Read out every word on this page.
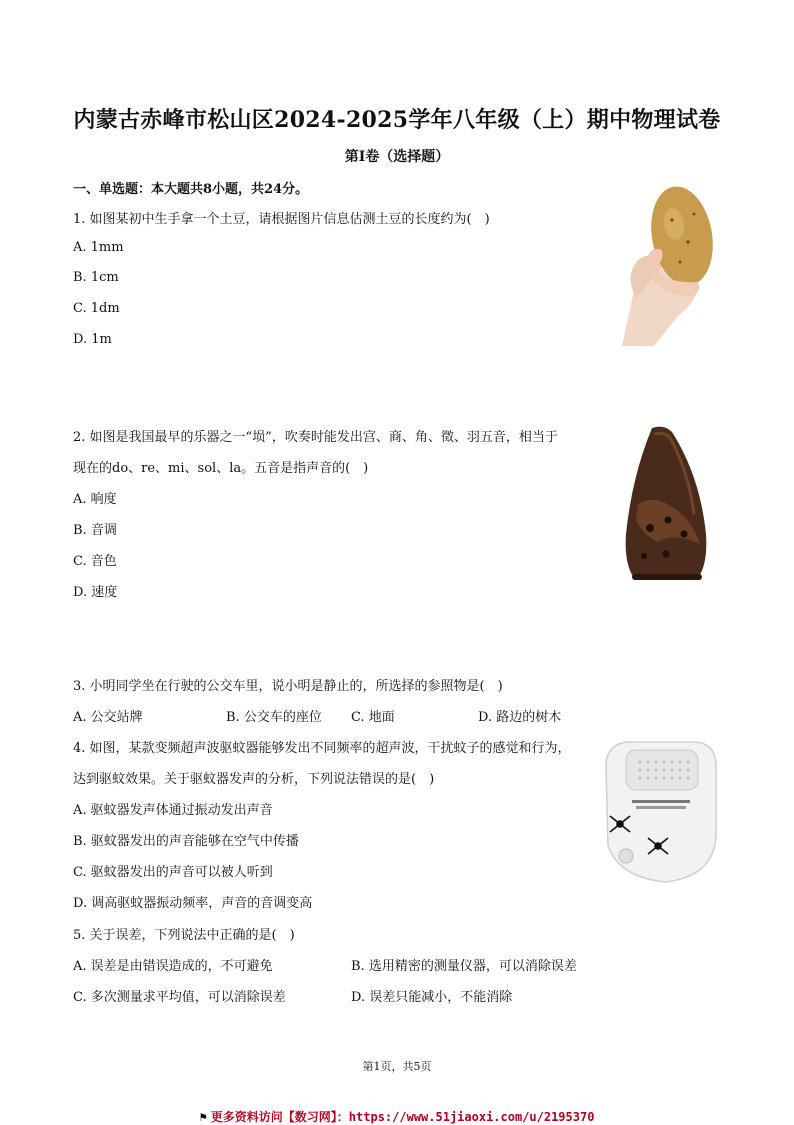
内蒙古赤峰市松山区2024-2025学年八年级（上）期中物理试卷
第I卷（选择题）
一、单选题：本大题共8小题，共24分。
1. 如图某初中生手拿一个土豆，请根据图片信息估测土豆的长度约为(　)
A. 1mm
B. 1cm
C. 1dm
D. 1m
2. 如图是我国最早的乐器之一“埙”，吹奏时能发出宫、商、角、徵、羽五音，相当于
现在的do、re、mi、sol、la。五音是指声音的(　)
A. 响度
B. 音调
C. 音色
D. 速度
3. 小明同学坐在行驶的公交车里，说小明是静止的，所选择的参照物是(　)
A. 公交站牌	B. 公交车的座位 C. 地面	D. 路边的树木
4. 如图，某款变频超声波驱蚊器能够发出不同频率的超声波，干扰蚊子的感觉和行为，
达到驱蚊效果。关于驱蚊器发声的分析，下列说法错误的是(　)
A. 驱蚊器发声体通过振动发出声音
B. 驱蚊器发出的声音能够在空气中传播
C. 驱蚊器发出的声音可以被人听到
D. 调高驱蚊器振动频率，声音的音调变高
5. 关于误差，下列说法中正确的是(　)
A. 误差是由错误造成的，不可避免	B. 选用精密的测量仪器，可以消除误差
C. 多次测量求平均值，可以消除误差	D. 误差只能减小，不能消除
第1页，共5页
⚑ 更多资料访问【数习网】：https://www.51jiaoxi.com/u/2195370
